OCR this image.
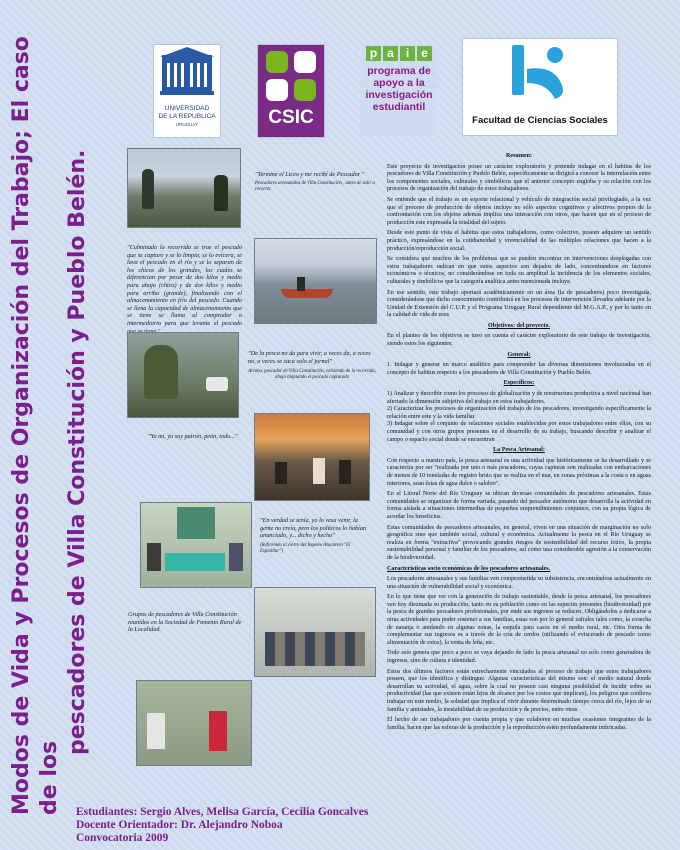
Modos de Vida y Procesos de Organización del Trabajo; El caso de los
pescadores de Villa Constitución y Pueblo Belén.
UNIVERSIDAD
DE LA REPUBLICA
URUGUAY	CSIC
p a i e
programa de
apoyo a la
investigación
estudiantil
Facultad de Ciencias Sociales
"Termine el Liceo y me recibí de Pescador "
Pescadores artesanales de Villa Constitución , antes de salir a recorrer.
"Culminada la recorrida se trae el pescado que se capturo y se lo limpia, se lo evicera, se lava el pescado en el río y se lo separan de los chicos de los grandes, los cuales se diferencian por pesar de dos kilos y medio para abajo (chico) y de dos kilos y medio para arriba (grande), finalizando con el almacenamiento en frío del pescado. Cuando se llena la capacidad de almacenamiento que se tiene se llama al comprador o intermediario para que levante el pescado
"De la pesca no da para vivir, a veces da, a veces no, a veces se saca solo el jornal"
Arroba, pescador de Villa Constitución, volviendo de la recorrida, abajo limpiando el pescado capturado
"Yo mi, yo soy patrón, peón, todo..."
"En verdad se tenía, yo lo vesa venir, la gente no creía, pero los políticos lo habían anunciado, y... dicho y hecho"
(Refiriendo al cierre del Ingenio Azucarero "El Espinillar")
Grupos de pescadores de Villa Constitución reunidos en la Sociedad de Fomento Rural de la Localidad.
Resumen:

Este proyecto de investigación posee un carácter exploratorio y pretende indagar en el habitus de los pescadores de Villa Constitución y Pueblo Belén, específicamente se dirigirá a conocer la interrelación entre los componentes sociales, culturales y simbólicos que el anterior concepto engloba y su relación con los procesos de organización del trabajo de estos trabajadores.

Se entiende que el trabajo es un soporte relacional y vehículo de integración social privilegiado, a la vez que el proceso de producción de objetos incluye no sólo aspectos cognitivos y afectivos propios de la confrontación con los objetos además implica una interacción con otros, que hacen que en el proceso de producción este expresada la totalidad del sujeto.

Desde este punto de vista el habitus que estos trabajadores, como colectivo, poseen adquiere un sentido práctico, expresándose en la cotidianeidad y vivencialidad de las múltiples relaciones que hacen a la producción/reproducción social.

Se considera que muchos de los problemas que se pueden encontrar en intervenciones desplegadas con estos trabajadores radican en que estos aspectos son dejados de lado, concentrándose en factores económicos o técnicos, no considerándose en toda su amplitud la incidencia de los elementos sociales, culturales y simbólicos que la categoría analítica antes mencionada incluye.

En ese sentido, este trabajo aportará académicamente en un área (la de pescadores) poco investigada, considerándose que dicho conocimiento contribuirá en los procesos de intervención llevados adelante por la Unidad de Extensión del C.U.P. y el Programa Uruguay Rural dependiente del M.G.A.P., y por lo tanto en la calidad de vida de esos

Objetivos: del proyecto.

En el planteo de los objetivos se tuvo en cuenta el carácter exploratorio de este trabajo de investigación, siendo estos los siguientes:

General:

1. Indagar y generar un marco analítico para comprender las diversas dimensiones involucradas en el concepto de habitus respecto a los pescadores de Villa Constitución y Pueblo Belén.

Específicos:

1) Analizar y describir como los procesos de globalización y de reestructura productiva a nivel nacional han afectado la dimensión subjetiva del trabajo en estos trabajadores.

2) Caracterizar los procesos de organización del trabajo de los pescadores, investigando específicamente la relación entre este y la vida familiar.

3) Indagar sobre el conjunto de relaciones sociales establecidas por estos trabajadores entre ellos, con su comunidad y con otros grupos presentes en el desarrollo de su trabajo, buscando describir y analizar el campo o espacio social donde se encuentran

La Pesca Artesanal:

Con respecto a nuestro país, la pesca artesanal es una actividad que históricamente se ha desarrollado y se caracteriza por ser "realizada por uno o más pescadores, cuyas capturas son realizadas con embarcaciones de menos de 10 toneladas de registro bruto que se realiza en el mar, en zonas próximas a la costa o en aguas interiores, sean éstas de agua dulce o salobre".

En el Litoral Norte del Río Uruguay se ubican diversas comunidades de pescadores artesanales. Estas comunidades se organizan de forma variada, pasando del pescador autónomo que desarrolla la actividad en forma aislada a situaciones intermedias de pequeños emprendimientos conjuntos, con su propia lógica de acordar los beneficios.

Estas comunidades de pescadores artesanales, en general, viven en una situación de marginación no solo geográfica sino que también social, cultural y económica. Actualmente la pesca en el Río Uruguay se realiza en forma "extractiva" provocando grandes riesgos de sostenibilidad del recurso íctico, la propia sustentabilidad personal y familiar de los pescadores, así como una considerable agresión a la conservación de la biodiversidad.

Características socio económicas de los pescadores artesanales.

Los pescadores artesanales y sus familias ven comprometida su subsistencia, encontrándose actualmente en una situación de vulnerabilidad social y económica.

En lo que tiene que ver con la generación de trabajo sustentable, desde la pesca artesanal, los pescadores ven hoy diezmada su producción, tanto en su población como en las especies presentes (biodiversidad) por la pesca de grandes pescadores profesionales, por ende sus ingresos se reducen. Obligándolos a dedicarse a otras actividades para poder sostener a sus familias, estas son por lo general zafrales tales como, la cosecha de naranja o anidando en algunas zonas, la esquila para casos en el medio rural, etc. Otra forma de complementar sus ingresos es a través de la cría de cerdos (utilizando el eviscerado de pescado como alimentación de estos), la venta de leña, etc.

Todo esto genera que poco a poco se vaya dejando de lado la pesca artesanal no solo como generadora de ingresos, sino de cultura e identidad.

Estos dos últimos factores están estrechamente vinculados al proceso de trabajo que estos trabajadores poseen, que los identifica y distingue. Algunas características del mismo son: el medio natural donde desarrollan su actividad, el agua, sobre la cual no poseen casi ninguna posibilidad de incidir sobre su productividad (las que existen están lejos de alcance por los costos que implican), los peligros que conlleva trabajar en este medio, la soledad que implica el vivir durante determinado tiempo cerca del río, lejos de su familia y amistades, la inestabilidad de su producción y de precios, entre otras

El hecho de ser trabajadores por cuenta propia y que colaboren en muchas ocasiones integrantes de la familia, hacen que las esferas de la producción y la reproducción estén profundamente imbricadas.

Estudiantes: Sergio Alves, Melisa García, Cecilia Goncalves
Docente Orientador: Dr. Alejandro Noboa
Convocatoria 2009
